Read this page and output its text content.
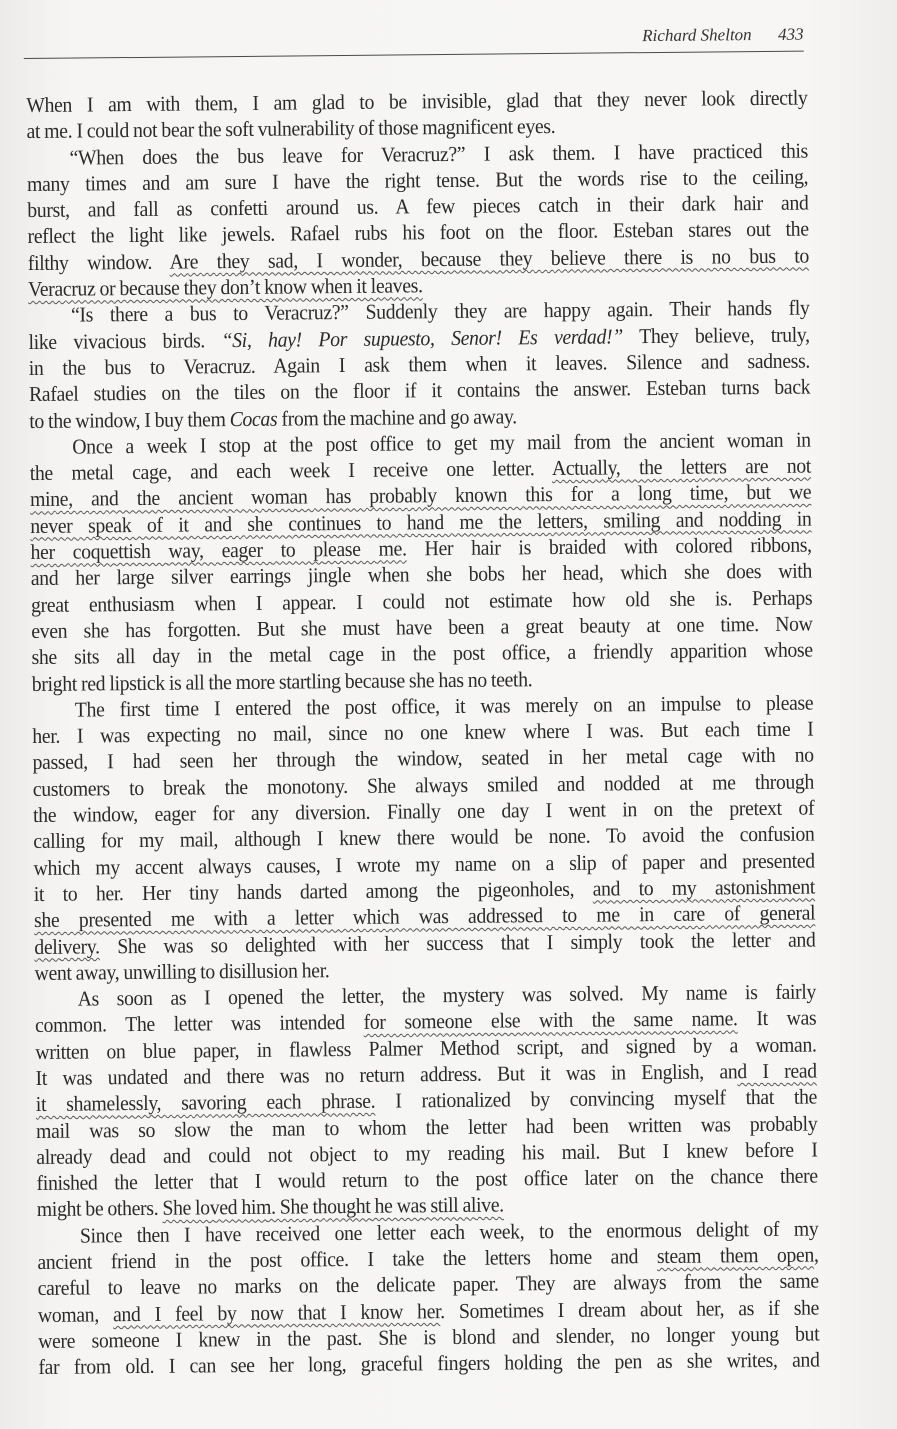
Richard Shelton 433
When I am with them, I am glad to be invisible, glad that they never look directly
at me. I could not bear the soft vulnerability of those magnificent eyes.
“When does the bus leave for Veracruz?” I ask them. I have practiced this
many times and am sure I have the right tense. But the words rise to the ceiling,
burst, and fall as confetti around us. A few pieces catch in their dark hair and
reflect the light like jewels. Rafael rubs his foot on the floor. Esteban stares out the
filthy window. Are they sad, I wonder, because they believe there is no bus to
Veracruz or because they don’t know when it leaves.
“Is there a bus to Veracruz?” Suddenly they are happy again. Their hands fly
like vivacious birds. “Si, hay! Por supuesto, Senor! Es verdad!” They believe, truly,
in the bus to Veracruz. Again I ask them when it leaves. Silence and sadness.
Rafael studies on the tiles on the floor if it contains the answer. Esteban turns back
to the window, I buy them Cocas from the machine and go away.
Once a week I stop at the post office to get my mail from the ancient woman in
the metal cage, and each week I receive one letter. Actually, the letters are not
mine, and the ancient woman has probably known this for a long time, but we
never speak of it and she continues to hand me the letters, smiling and nodding in
her coquettish way, eager to please me. Her hair is braided with colored ribbons,
and her large silver earrings jingle when she bobs her head, which she does with
great enthusiasm when I appear. I could not estimate how old she is. Perhaps
even she has forgotten. But she must have been a great beauty at one time. Now
she sits all day in the metal cage in the post office, a friendly apparition whose
bright red lipstick is all the more startling because she has no teeth.
The first time I entered the post office, it was merely on an impulse to please
her. I was expecting no mail, since no one knew where I was. But each time I
passed, I had seen her through the window, seated in her metal cage with no
customers to break the monotony. She always smiled and nodded at me through
the window, eager for any diversion. Finally one day I went in on the pretext of
calling for my mail, although I knew there would be none. To avoid the confusion
which my accent always causes, I wrote my name on a slip of paper and presented
it to her. Her tiny hands darted among the pigeonholes, and to my astonishment
she presented me with a letter which was addressed to me in care of general
delivery. She was so delighted with her success that I simply took the letter and
went away, unwilling to disillusion her.
As soon as I opened the letter, the mystery was solved. My name is fairly
common. The letter was intended for someone else with the same name. It was
written on blue paper, in flawless Palmer Method script, and signed by a woman.
It was undated and there was no return address. But it was in English, and I read
it shamelessly, savoring each phrase. I rationalized by convincing myself that the
mail was so slow the man to whom the letter had been written was probably
already dead and could not object to my reading his mail. But I knew before I
finished the letter that I would return to the post office later on the chance there
might be others. She loved him. She thought he was still alive.
Since then I have received one letter each week, to the enormous delight of my
ancient friend in the post office. I take the letters home and steam them open,
careful to leave no marks on the delicate paper. They are always from the same
woman, and I feel by now that I know her. Sometimes I dream about her, as if she
were someone I knew in the past. She is blond and slender, no longer young but
far from old. I can see her long, graceful fingers holding the pen as she writes, and
